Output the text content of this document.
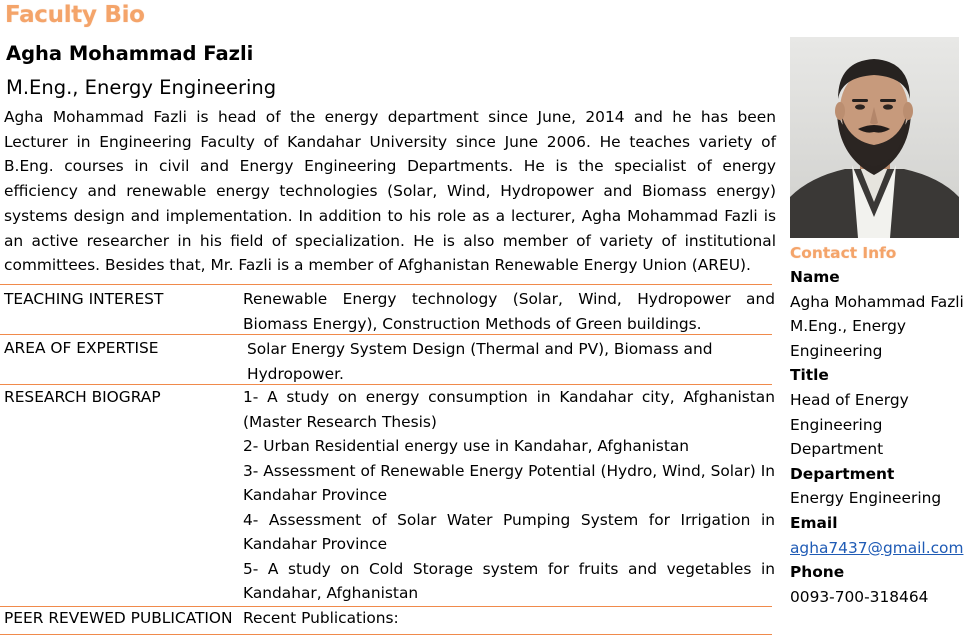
Faculty Bio
Agha Mohammad Fazli
M.Eng., Energy Engineering
Agha Mohammad Fazli is head of the energy department since June, 2014 and he has been Lecturer in Engineering Faculty of Kandahar University since June 2006. He teaches variety of B.Eng. courses in civil and Energy Engineering Departments. He is the specialist of energy efficiency and renewable energy technologies (Solar, Wind, Hydropower and Biomass energy) systems design and implementation. In addition to his role as a lecturer, Agha Mohammad Fazli is an active researcher in his field of specialization. He is also member of variety of institutional committees. Besides that, Mr. Fazli is a member of Afghanistan Renewable Energy Union (AREU).
TEACHING INTEREST	Renewable Energy technology (Solar, Wind, Hydropower and Biomass Energy), Construction Methods of Green buildings.
AREA OF EXPERTISE	Solar Energy System Design (Thermal and PV), Biomass and Hydropower.
RESEARCH BIOGRAP	1- A study on energy consumption in Kandahar city, Afghanistan (Master Research Thesis)
2- Urban Residential energy use in Kandahar, Afghanistan
3- Assessment of Renewable Energy Potential (Hydro, Wind, Solar) In Kandahar Province
4- Assessment of Solar Water Pumping System for Irrigation in Kandahar Province
5- A study on Cold Storage system for fruits and vegetables in Kandahar, Afghanistan
PEER REVEWED PUBLICATION Recent Publications:
Contact Info
Name
Agha Mohammad Fazli
M.Eng., Energy
Engineering
Title
Head of Energy
Engineering Department
Department
Energy Engineering
Email
agha7437@gmail.com
Phone
0093-700-318464
